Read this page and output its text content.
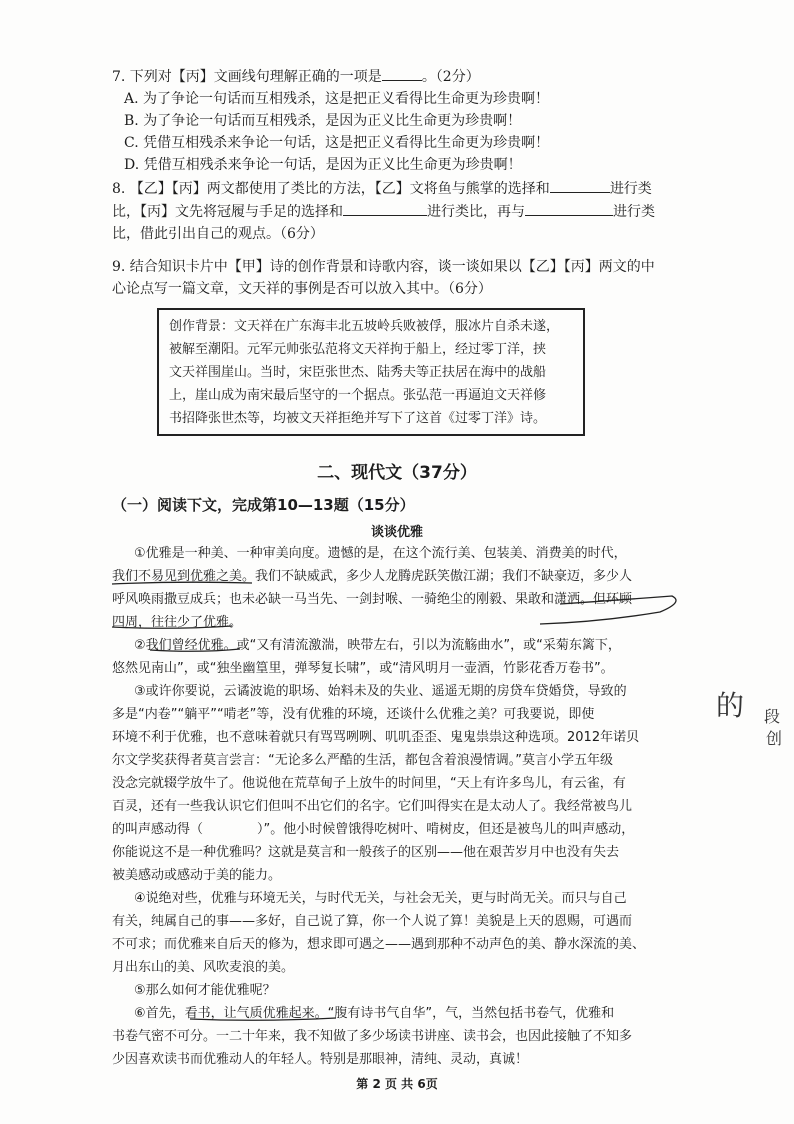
7. 下列对【丙】文画线句理解正确的一项是	。（2分）
A. 为了争论一句话而互相残杀，这是把正义看得比生命更为珍贵啊！
B. 为了争论一句话而互相残杀，是因为正义比生命更为珍贵啊！
C. 凭借互相残杀来争论一句话，这是把正义看得比生命更为珍贵啊！
D. 凭借互相残杀来争论一句话，是因为正义比生命更为珍贵啊！
8. 【乙】【丙】两文都使用了类比的方法，【乙】文将鱼与熊掌的选择和	进行类
比，【丙】文先将冠履与手足的选择和	进行类比，再与	进行类
比，借此引出自己的观点。（6分）
9. 结合知识卡片中【甲】诗的创作背景和诗歌内容，谈一谈如果以【乙】【丙】两文的中
心论点写一篇文章，文天祥的事例是否可以放入其中。（6分）
创作背景：文天祥在广东海丰北五坡岭兵败被俘，服冰片自杀未遂，
被解至潮阳。元军元帅张弘范将文天祥拘于船上，经过零丁洋，挟
文天祥围崖山。当时，宋臣张世杰、陆秀夫等正扶居在海中的战船
上，崖山成为南宋最后坚守的一个据点。张弘范一再逼迫文天祥修
书招降张世杰等，均被文天祥拒绝并写下了这首《过零丁洋》诗。
二、现代文（37分）
（一）阅读下文，完成第10—13题（15分）
谈谈优雅
①优雅是一种美、一种审美向度。遗憾的是，在这个流行美、包装美、消费美的时代，
我们不易见到优雅之美。我们不缺威武，多少人龙腾虎跃笑傲江湖；我们不缺豪迈，多少人
呼风唤雨撒豆成兵；也未必缺一马当先、一剑封喉、一骑绝尘的刚毅、果敢和潇洒。但环顾
四周，往往少了优雅。
②我们曾经优雅。或“又有清流激湍，映带左右，引以为流觞曲水”，或“采菊东篱下，
悠然见南山”，或“独坐幽篁里，弹琴复长啸”，或“清风明月一壶酒，竹影花香万卷书”。
③或许你要说，云谲波诡的职场、始料未及的失业、遥遥无期的房贷车贷婚贷，导致的
多是“内卷”“躺平”“啃老”等，没有优雅的环境，还谈什么优雅之美？可我要说，即使
环境不利于优雅，也不意味着就只有骂骂咧咧、叽叽歪歪、鬼鬼祟祟这种选项。2012年诺贝
尔文学奖获得者莫言尝言：“无论多么严酷的生活，都包含着浪漫情调。”莫言小学五年级
没念完就辍学放牛了。他说他在荒草甸子上放牛的时间里，“天上有许多鸟儿，有云雀，有
百灵，还有一些我认识它们但叫不出它们的名字。它们叫得实在是太动人了。我经常被鸟儿
的叫声感动得（	）”。他小时候曾饿得吃树叶、啃树皮，但还是被鸟儿的叫声感动，
你能说这不是一种优雅吗？这就是莫言和一般孩子的区别——他在艰苦岁月中也没有失去
被美感动或感动于美的能力。
④说绝对些，优雅与环境无关，与时代无关，与社会无关，更与时尚无关。而只与自己
有关，纯属自己的事——多好，自己说了算，你一个人说了算！美貌是上天的恩赐，可遇而
不可求；而优雅来自后天的修为，想求即可遇之——遇到那种不动声色的美、静水深流的美、
月出东山的美、风吹麦浪的美。
⑤那么如何才能优雅呢？
⑥首先，看书，让气质优雅起来。“腹有诗书气自华”，气，当然包括书卷气，优雅和
书卷气密不可分。一二十年来，我不知做了多少场读书讲座、读书会，也因此接触了不知多
少因喜欢读书而优雅动人的年轻人。特别是那眼神，清纯、灵动，真诚！
的 段
创
第 2 页 共 6页
